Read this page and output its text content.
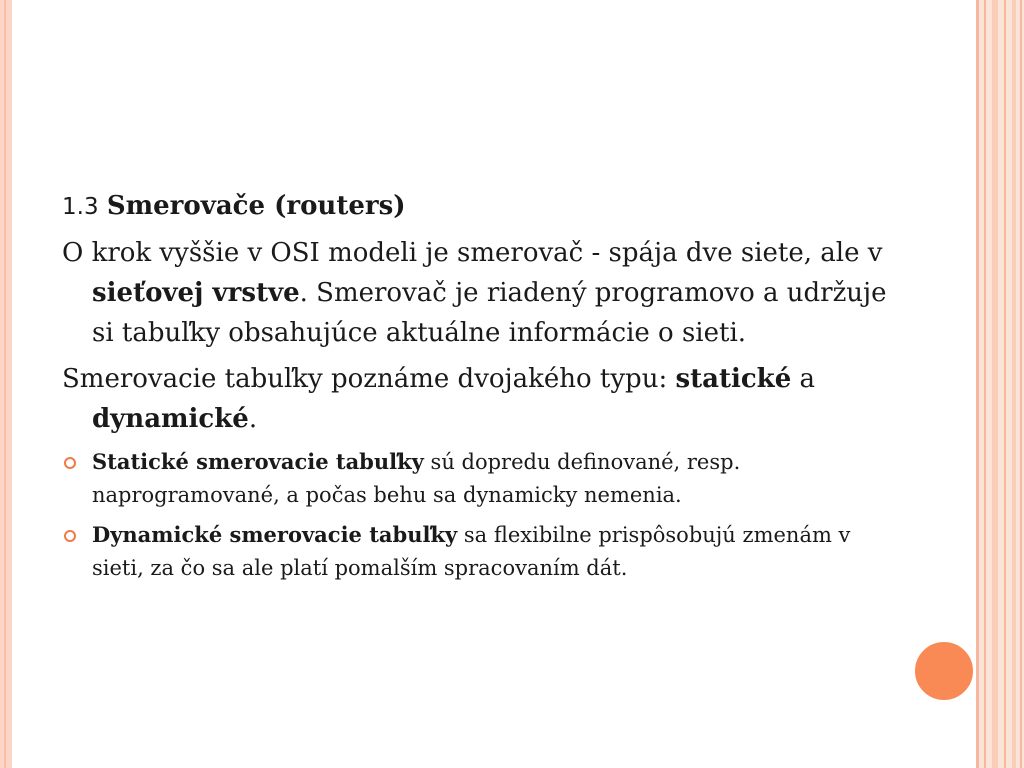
1.3 Smerovače (routers)

O krok vyššie v OSI modeli je smerovač - spája dve siete, ale v sieťovej vrstve. Smerovač je riadený programovo a udržuje si tabuľky obsahujúce aktuálne informácie o sieti.

Smerovacie tabuľky poznáme dvojakého typu: statické a dynamické.

Statické smerovacie tabuľky sú dopredu definované, resp. naprogramované, a počas behu sa dynamicky nemenia.
Dynamické smerovacie tabuľky sa flexibilne prispôsobujú zmenám v sieti, za čo sa ale platí pomalším spracovaním dát.
